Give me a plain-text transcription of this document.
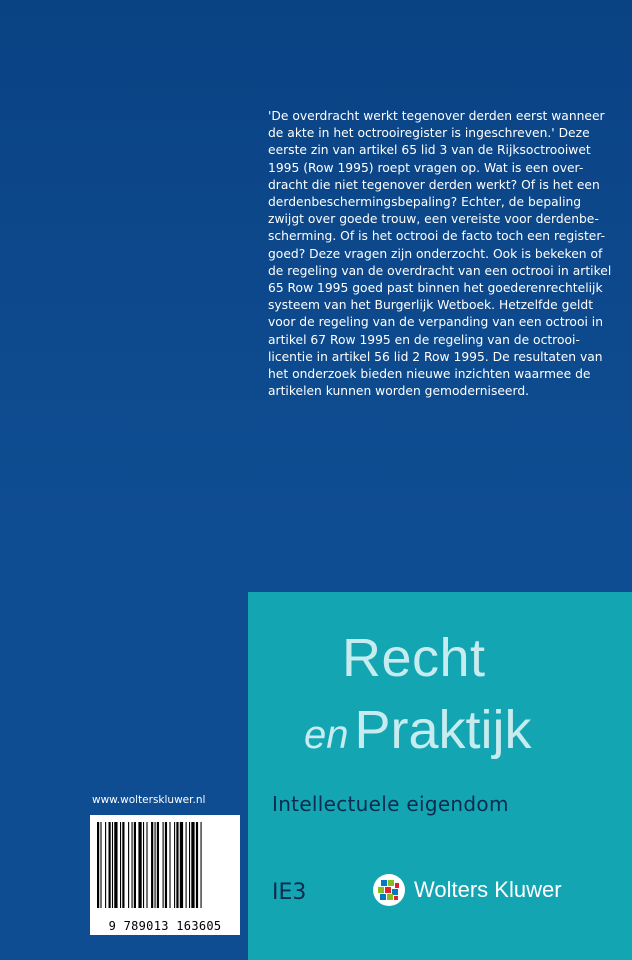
'De overdracht werkt tegenover derden eerst wanneer
de akte in het octrooiregister is ingeschreven.' Deze
eerste zin van artikel 65 lid 3 van de Rijksoctrooiwet
1995 (Row 1995) roept vragen op. Wat is een over-
dracht die niet tegenover derden werkt? Of is het een
derdenbeschermingsbepaling? Echter, de bepaling
zwijgt over goede trouw, een vereiste voor derdenbe-
scherming. Of is het octrooi de facto toch een register-
goed? Deze vragen zijn onderzocht. Ook is bekeken of
de regeling van de overdracht van een octrooi in artikel
65 Row 1995 goed past binnen het goederenrechtelijk
systeem van het Burgerlijk Wetboek. Hetzelfde geldt
voor de regeling van de verpanding van een octrooi in
artikel 67 Row 1995 en de regeling van de octrooi-
licentie in artikel 56 lid 2 Row 1995. De resultaten van
het onderzoek bieden nieuwe inzichten waarmee de
artikelen kunnen worden gemoderniseerd.
Recht
en Praktijk
Intellectuele eigendom
IE3	Wolters Kluwer
www.wolterskluwer.nl
9 789013 163605
